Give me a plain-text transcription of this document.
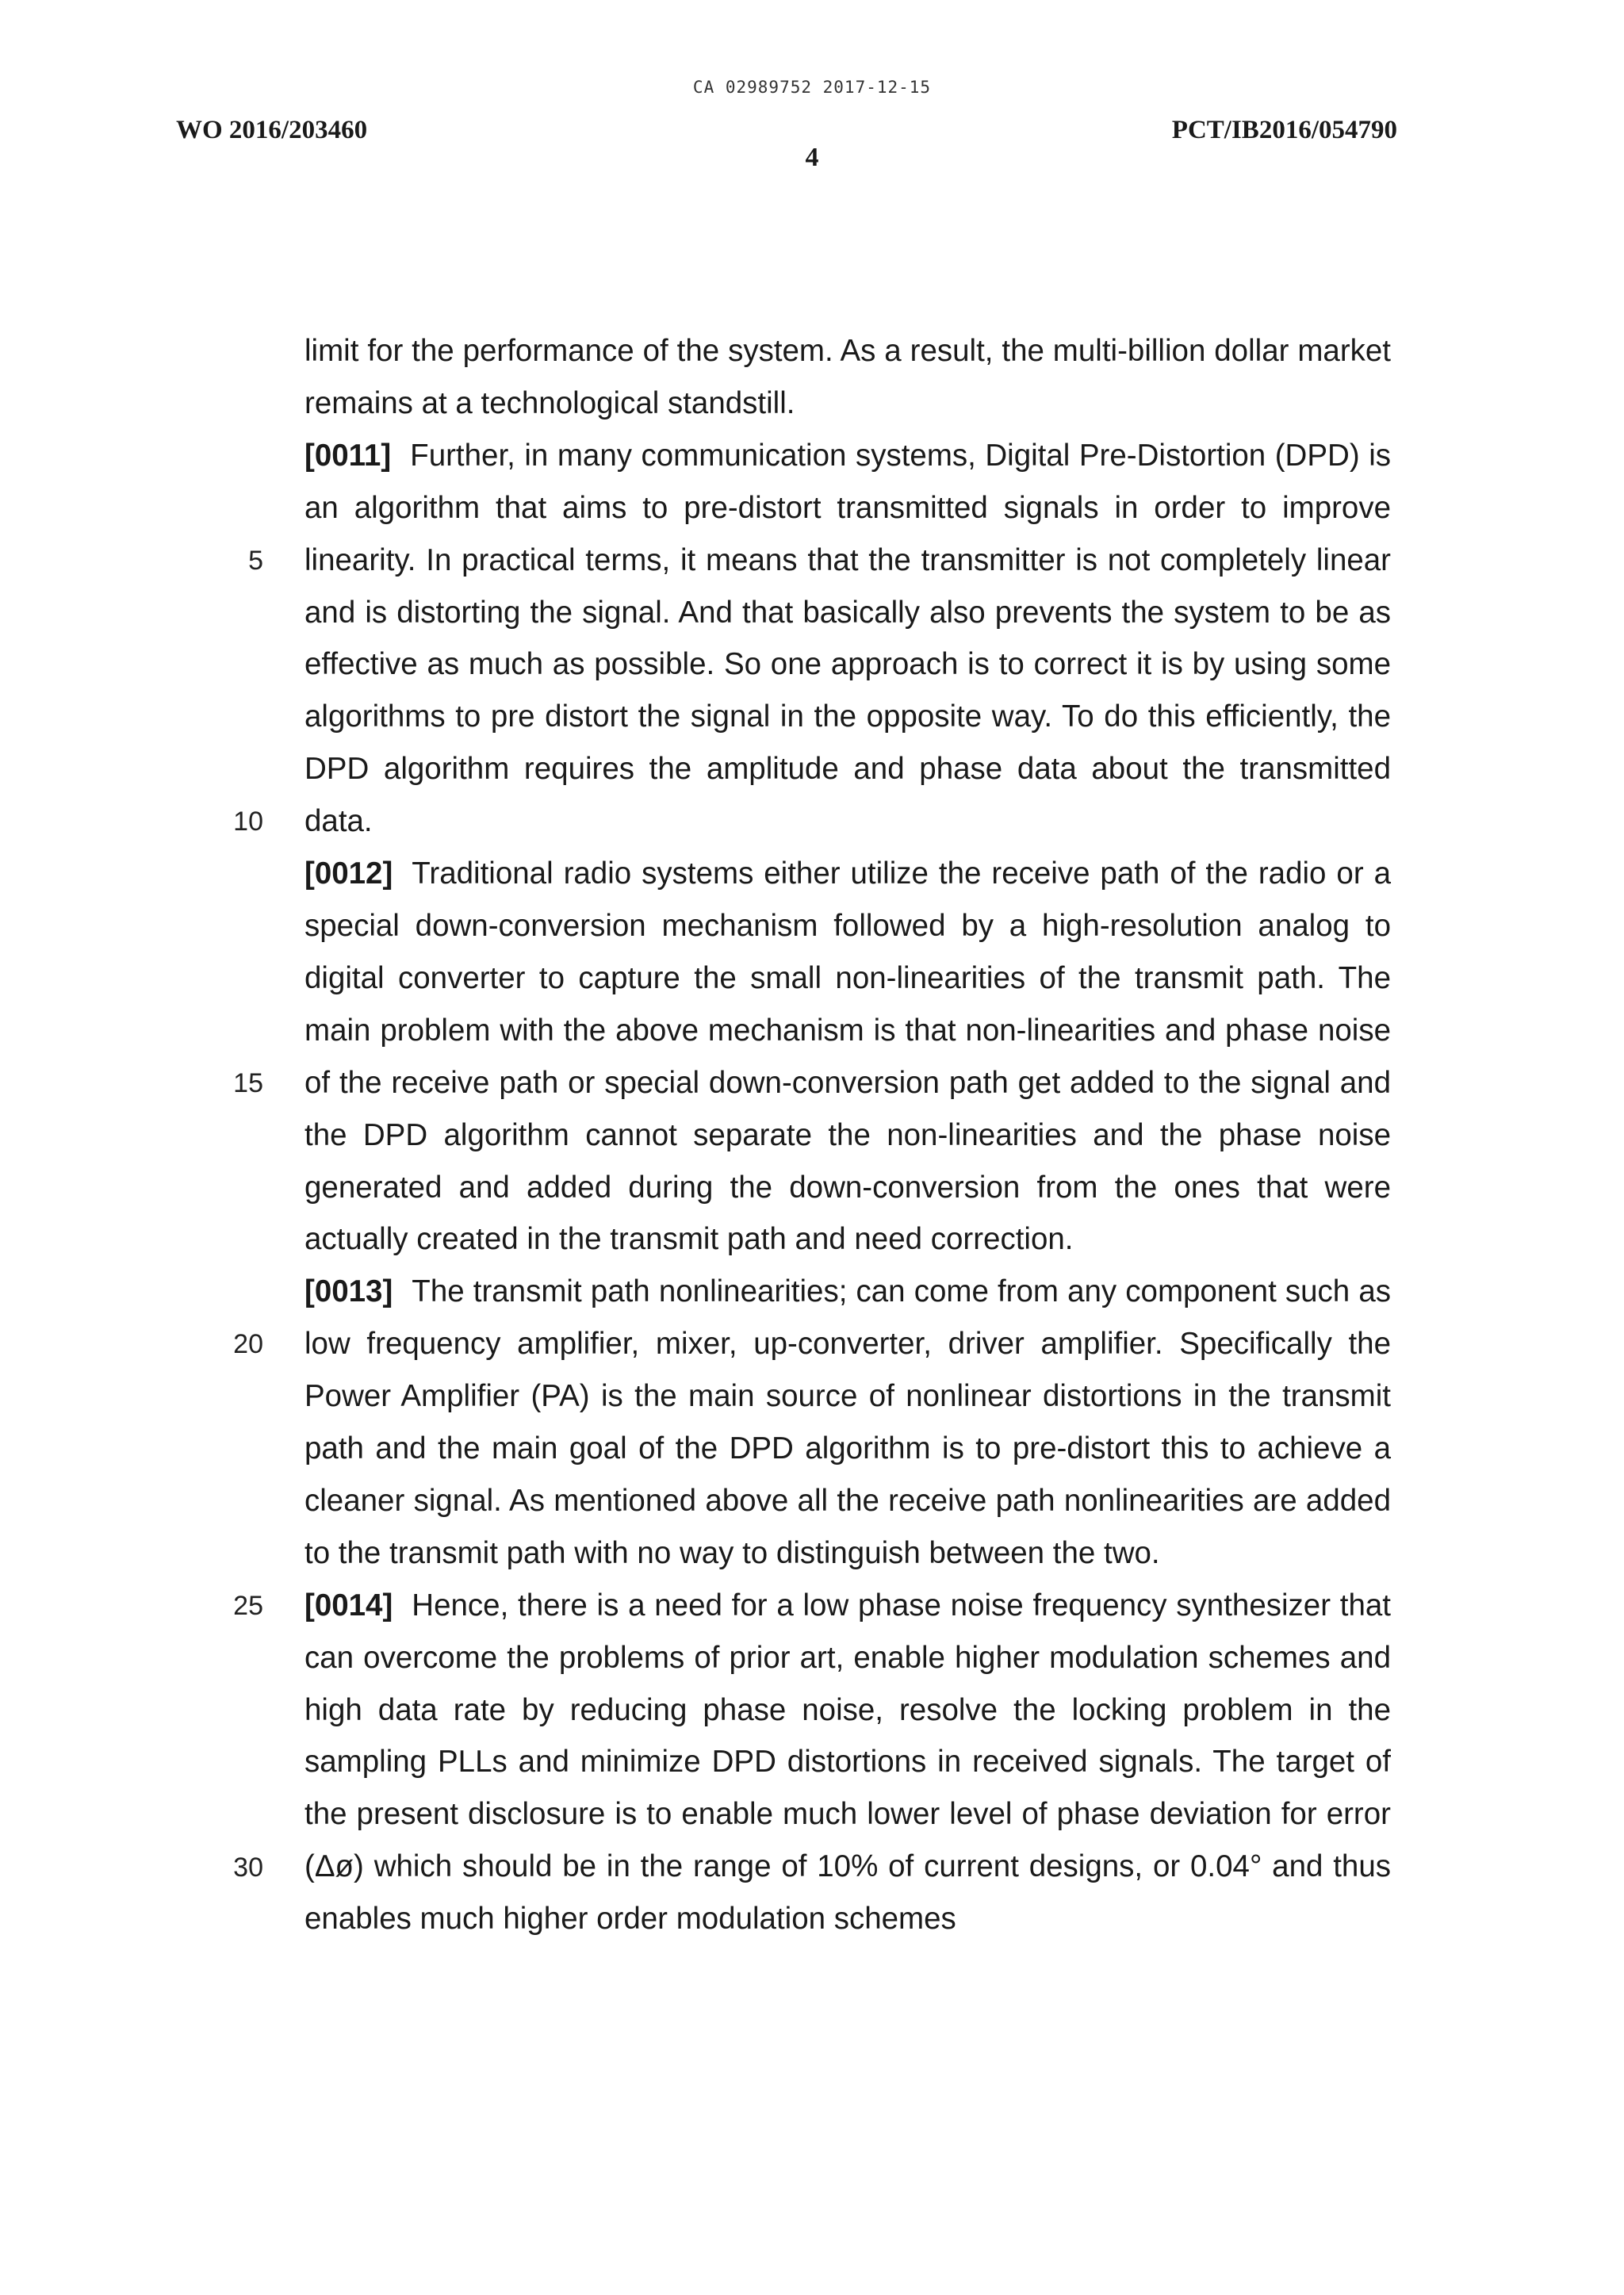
CA 02989752 2017-12-15
WO 2016/203460	PCT/IB2016/054790
4
5
10
15
20
25
30

limit for the performance of the system. As a result, the multi-billion dollar market remains at a technological standstill.

[0011] Further, in many communication systems, Digital Pre-Distortion (DPD) is an algorithm that aims to pre-distort transmitted signals in order to improve linearity. In practical terms, it means that the transmitter is not completely linear and is distorting the signal. And that basically also prevents the system to be as effective as much as possible. So one approach is to correct it is by using some algorithms to pre distort the signal in the opposite way. To do this efficiently, the DPD algorithm requires the amplitude and phase data about the transmitted data.

[0012] Traditional radio systems either utilize the receive path of the radio or a special down-conversion mechanism followed by a high-resolution analog to digital converter to capture the small non-linearities of the transmit path. The main problem with the above mechanism is that non-linearities and phase noise of the receive path or special down-conversion path get added to the signal and the DPD algorithm cannot separate the non-linearities and the phase noise generated and added during the down-conversion from the ones that were actually created in the transmit path and need correction.

[0013] The transmit path nonlinearities; can come from any component such as low frequency amplifier, mixer, up-converter, driver amplifier. Specifically the Power Amplifier (PA) is the main source of nonlinear distortions in the transmit path and the main goal of the DPD algorithm is to pre-distort this to achieve a cleaner signal. As mentioned above all the receive path nonlinearities are added to the transmit path with no way to distinguish between the two.

[0014] Hence, there is a need for a low phase noise frequency synthesizer that can overcome the problems of prior art, enable higher modulation schemes and high data rate by reducing phase noise, resolve the locking problem in the sampling PLLs and minimize DPD distortions in received signals. The target of the present disclosure is to enable much lower level of phase deviation for error (Δø) which should be in the range of 10% of current designs, or 0.04° and thus enables much higher order modulation schemes
